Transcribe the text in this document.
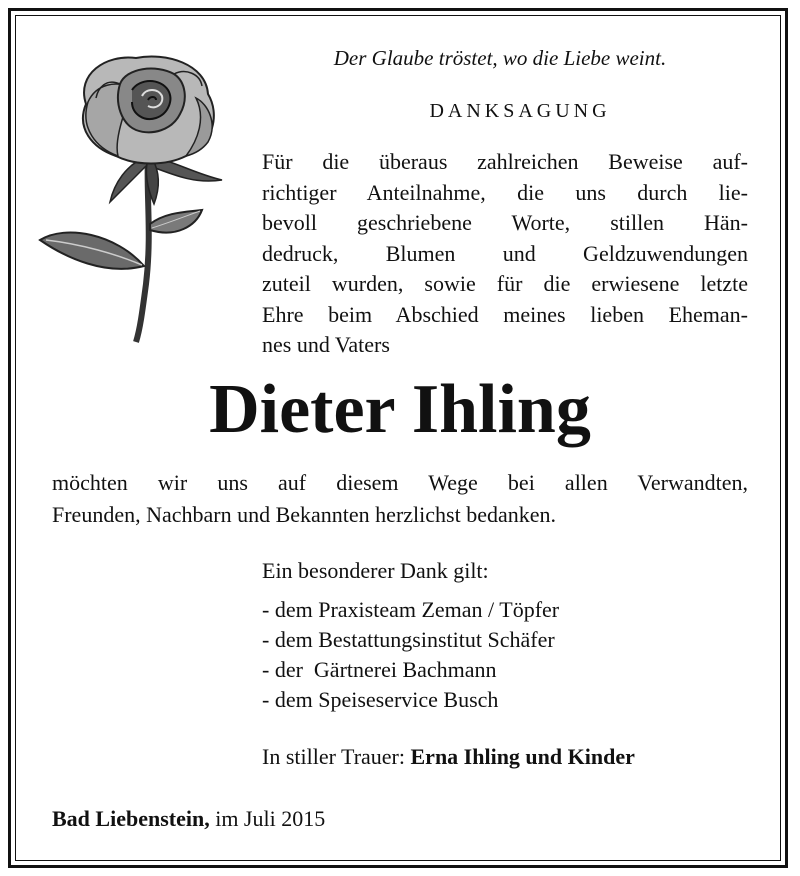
Der Glaube tröstet, wo die Liebe weint.
DANKSAGUNG
Für die überaus zahlreichen Beweise auf-
richtiger Anteilnahme, die uns durch lie-
bevoll geschriebene Worte, stillen Hän-
dedruck, Blumen und Geldzuwendungen
zuteil wurden, sowie für die erwiesene letzte
Ehre beim Abschied meines lieben Eheman-
nes und Vaters
Dieter Ihling
möchten wir uns auf diesem Wege bei allen Verwandten,
Freunden, Nachbarn und Bekannten herzlichst bedanken.
Ein besonderer Dank gilt:
- dem Praxisteam Zeman / Töpfer
- dem Bestattungsinstitut Schäfer
- der  Gärtnerei Bachmann
- dem Speiseservice Busch
In stiller Trauer: Erna Ihling und Kinder
Bad Liebenstein, im Juli 2015
